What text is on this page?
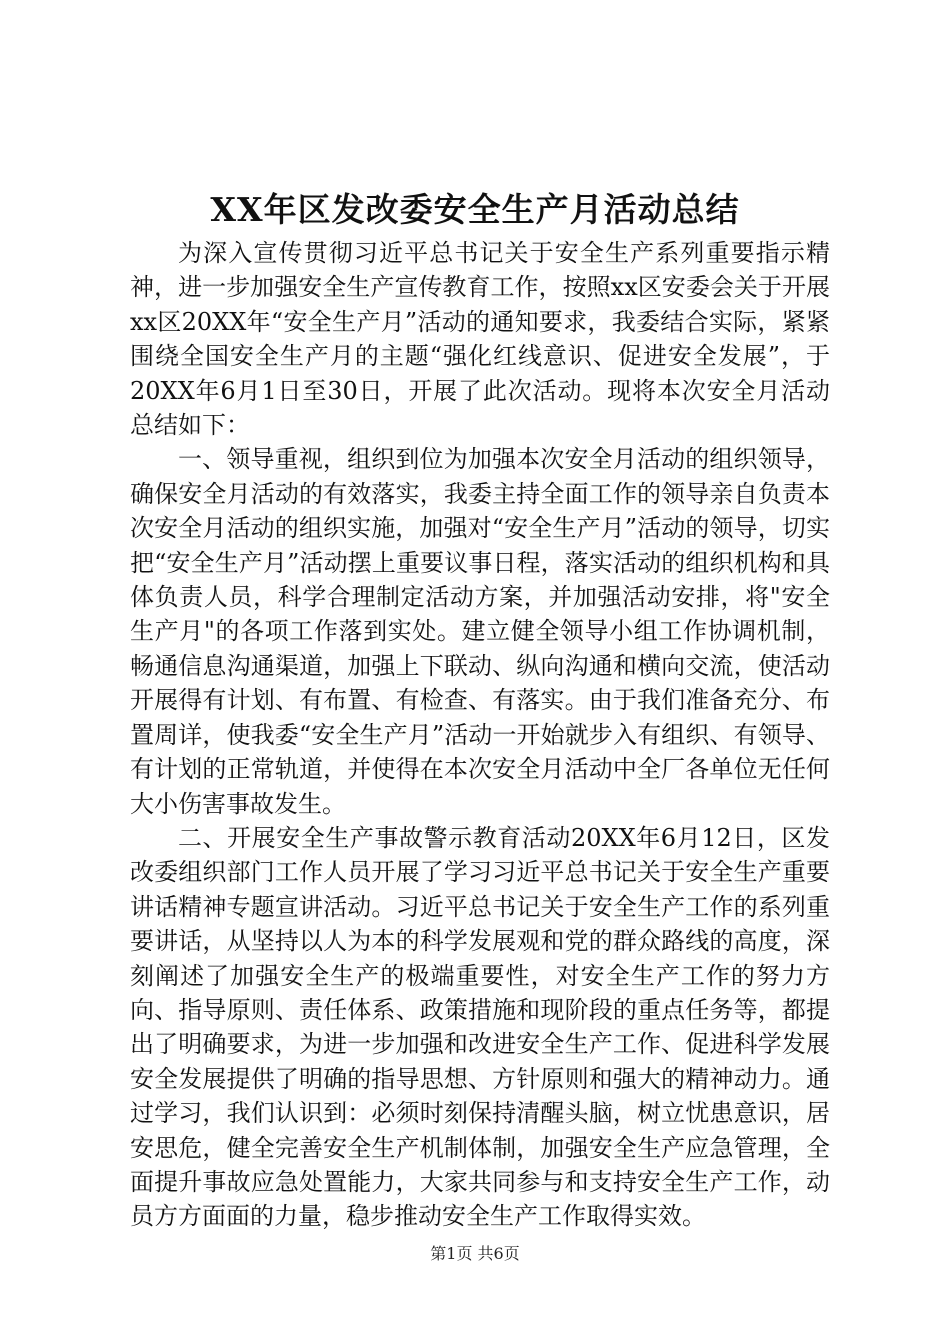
XX年区发改委安全生产月活动总结

为深入宣传贯彻习近平总书记关于安全生产系列重要指示精神，进一步加强安全生产宣传教育工作，按照xx区安委会关于开展xx区20XX年“安全生产月”活动的通知要求，我委结合实际，紧紧围绕全国安全生产月的主题“强化红线意识、促进安全发展”，于20XX年6月1日至30日，开展了此次活动。现将本次安全月活动总结如下：

一、领导重视，组织到位为加强本次安全月活动的组织领导，确保安全月活动的有效落实，我委主持全面工作的领导亲自负责本次安全月活动的组织实施，加强对“安全生产月”活动的领导，切实把“安全生产月”活动摆上重要议事日程，落实活动的组织机构和具体负责人员，科学合理制定活动方案，并加强活动安排，将"安全生产月"的各项工作落到实处。建立健全领导小组工作协调机制，畅通信息沟通渠道，加强上下联动、纵向沟通和横向交流，使活动开展得有计划、有布置、有检查、有落实。由于我们准备充分、布置周详，使我委“安全生产月”活动一开始就步入有组织、有领导、有计划的正常轨道，并使得在本次安全月活动中全厂各单位无任何大小伤害事故发生。

二、开展安全生产事故警示教育活动20XX年6月12日，区发改委组织部门工作人员开展了学习习近平总书记关于安全生产重要讲话精神专题宣讲活动。习近平总书记关于安全生产工作的系列重要讲话，从坚持以人为本的科学发展观和党的群众路线的高度，深刻阐述了加强安全生产的极端重要性，对安全生产工作的努力方向、指导原则、责任体系、政策措施和现阶段的重点任务等，都提出了明确要求，为进一步加强和改进安全生产工作、促进科学发展安全发展提供了明确的指导思想、方针原则和强大的精神动力。通过学习，我们认识到：必须时刻保持清醒头脑，树立忧患意识，居安思危，健全完善安全生产机制体制，加强安全生产应急管理，全面提升事故应急处置能力，大家共同参与和支持安全生产工作，动员方方面面的力量，稳步推动安全生产工作取得实效。

第1页 共6页
